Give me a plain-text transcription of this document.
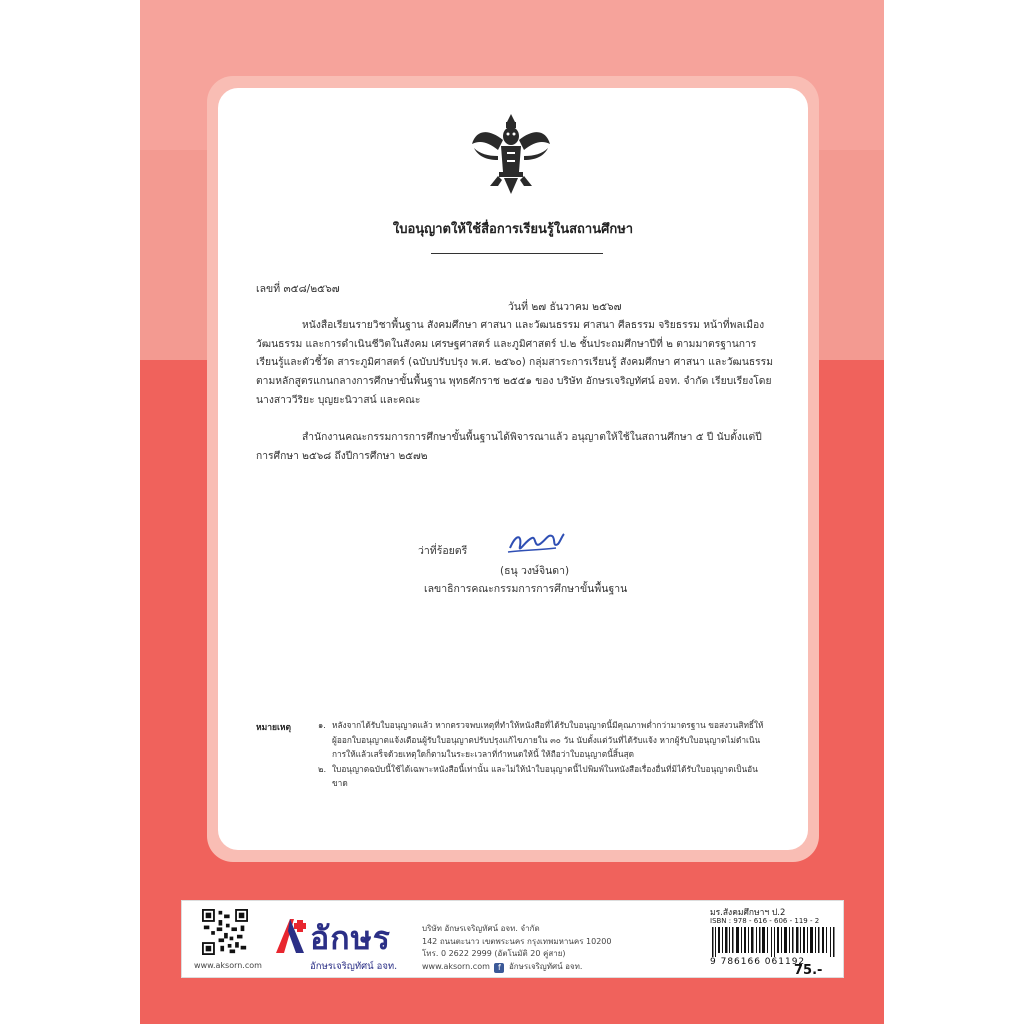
ใบอนุญาตให้ใช้สื่อการเรียนรู้ในสถานศึกษา
เลขที่ ๓๕๘/๒๕๖๗
วันที่ ๒๗ ธันวาคม ๒๕๖๗
หนังสือเรียนรายวิชาพื้นฐาน สังคมศึกษา ศาสนา และวัฒนธรรม ศาสนา ศีลธรรม จริยธรรม หน้าที่พลเมือง วัฒนธรรม และการดำเนินชีวิตในสังคม เศรษฐศาสตร์ และภูมิศาสตร์ ป.๒ ชั้นประถมศึกษาปีที่ ๒ ตามมาตรฐานการเรียนรู้และตัวชี้วัด สาระภูมิศาสตร์ (ฉบับปรับปรุง พ.ศ. ๒๕๖๐) กลุ่มสาระการเรียนรู้ สังคมศึกษา ศาสนา และวัฒนธรรม ตามหลักสูตรแกนกลางการศึกษาขั้นพื้นฐาน พุทธศักราช ๒๕๕๑ ของ บริษัท อักษรเจริญทัศน์ อจท. จำกัด เรียบเรียงโดย นางสาววีริยะ บุญยะนิวาสน์ และคณะ
สำนักงานคณะกรรมการการศึกษาขั้นพื้นฐานได้พิจารณาแล้ว อนุญาตให้ใช้ในสถานศึกษา ๕ ปี นับตั้งแต่ปีการศึกษา ๒๕๖๘ ถึงปีการศึกษา ๒๕๗๒
ว่าที่ร้อยตรี
(ธนุ วงษ์จินดา)
เลขาธิการคณะกรรมการการศึกษาขั้นพื้นฐาน
หมายเหตุ	๑. หลังจากได้รับใบอนุญาตแล้ว หากตรวจพบเหตุที่ทำให้หนังสือที่ได้รับใบอนุญาตนี้มีคุณภาพต่ำกว่ามาตรฐาน ขอสงวนสิทธิ์ให้ผู้ออกใบอนุญาตแจ้งเตือนผู้รับใบอนุญาตปรับปรุงแก้ไขภายใน ๓๐ วัน นับตั้งแต่วันที่ได้รับแจ้ง หากผู้รับใบอนุญาตไม่ดำเนินการให้แล้วเสร็จด้วยเหตุใดก็ตามในระยะเวลาที่กำหนดให้นี้ ให้ถือว่าใบอนุญาตนี้สิ้นสุด
๒. ใบอนุญาตฉบับนี้ใช้ได้เฉพาะหนังสือนี้เท่านั้น และไม่ให้นำใบอนุญาตนี้ไปพิมพ์ในหนังสือเรื่องอื่นที่มิได้รับใบอนุญาตเป็นอันขาด
www.aksorn.com
อักษร
อักษรเจริญทัศน์ อจท.
บริษัท อักษรเจริญทัศน์ อจท. จำกัด
142 ถนนตะนาว เขตพระนคร กรุงเทพมหานคร 10200
โทร. 0 2622 2999 (อัตโนมัติ 20 คู่สาย)
www.aksorn.com f อักษรเจริญทัศน์ อจท.
มร.สังคมศึกษาฯ ป.2
ISBN : 978 - 616 - 606 - 119 - 2
9 786166 061192
75.-
